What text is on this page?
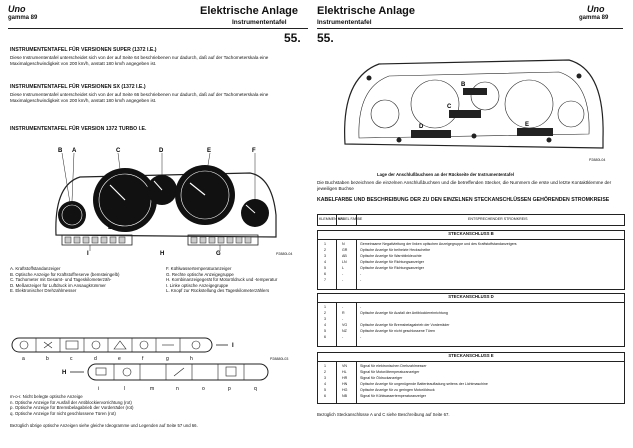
Uno
gamma 89
Elektrische Anlage
Instrumententafel
55.
INSTRUMENTENTAFEL FÜR VERSIONEN SUPER (1372 I.E.)
Diese Instrumententafel unterscheidet sich von der auf Seite 64 beschriebenen nur dadurch, daß auf der Tachometerskala eine Maximalgeschwindigkeit von 200 km/h, anstatt 180 km/h angegeben ist.
INSTRUMENTENTAFEL FÜR VERSIONEN SX (1372 I.E.)
Diese Instrumententafel unterscheidet sich von der auf Seite 66 beschriebenen nur dadurch, daß auf der Tachometerskala eine Maximalgeschwindigkeit von 200 km/h, anstatt 180 km/h angegeben ist.
INSTRUMENTENTAFEL FÜR VERSION 1372 TURBO I.E.
B A	C	D	E	F
G
H
I
L
P2880L04
A. Kraftstoffstandanzeiger
B. Optische Anzeige für Kraftstoffreserve (bemsteingelb)
C. Tachometer mit Gesamt- und Tageskilometerzäh-
D. Meßanzeiger für Luftdruck im Ansaugkrümmer
E. Elektronischer Drehzahlmesser
F. Kühlwassertemperaturanzeiger
G. Rechte optische Anzeigegruppe
H. Kombinanzeigegerät für Motoröldruck und -temperatur
I. Linke optische Anzeigegruppe
L. Knopf zur Rückstellung des Tageskilometerzählers
I
a	b	c	d	e	f	g	h
H
i	l	m	n	o	p	q
P28880L03
m-o-r. Nicht belegte optische Anzeige
n. Optische Anzeige für Ausfall der Antiblockiervorrichtung (rot)
p. Optische Anzeige für Bremsbelagabrieb der Vorderräder (rot)
q. Optische Anzeige für nicht geschlossene Türen (rot)
Bezüglich übrige optische Anzeigen siehe gleiche Ideogramme und Legenden auf Seite 57 und 66.
Elektrische Anlage
Instrumententafel
Uno
gamma 89
55.
B
C
D	E
P2880L04
Lage der Anschlußbuchsen an der Rückseite der Instrumententafel
Die Buchstaben bezeichnen die einzelnen Anschlußbuchsen und die betreffenden Stecker, die Nummern die erste und letzte Kontaktklemme der jeweiligen Buchse
KABELFARBE UND BESCHREIBUNG DER ZU DEN EINZELNEN STECKANSCHLÜSSEN GEHÖRENDEN STROMKREISE
KLEMMEN NR.
KABEL FARBE	ENTSPRECHENDER STROMKREIS
STECKANSCHLUSS B
1	N	Gemeinsame Negativleitung der linken optischen Anzeigegruppe und des Kraftstoffstandanzeigers
2	GR	Optische Anzeige für beiheizte Heckscheibe
3	AB	Optische Anzeige für Warnblinkleuchte
4	LN	Optische Anzeige für Richtungsanzeiger
5	L	Optische Anzeige für Richtungsanzeiger
6	-	-
7	-	-
STECKANSCHLUSS D
1	-	-
2	R	Optische Anzeige für Ausfall der Antiblockiereinrichtung
3	-
4	VG	Optische Anzeige für Bremsbelagabrieb der Vorderräder
5	NZ	Optische Anzeige für nicht geschlossene Türen
6	-	-
STECKANSCHLUSS E
1	VN	Signal für elektronischen Drehzahlmesser
2	HL	Signal für Motoröltemperaturanzeiger
3	HR	Signal für Öldruckanzeiger
4	HN	Optische Anzeige für ungenügende Batterieaufladung seitens der Lichtmaschine
5	HG	Optische Anzeige für zu geringen Motoröldruck
6	NB	Signal für Kühlwassertemperaturanzeiger
Bezüglich Steckanschlüsse A und C siehe Beschreibung auf Seite 67.
